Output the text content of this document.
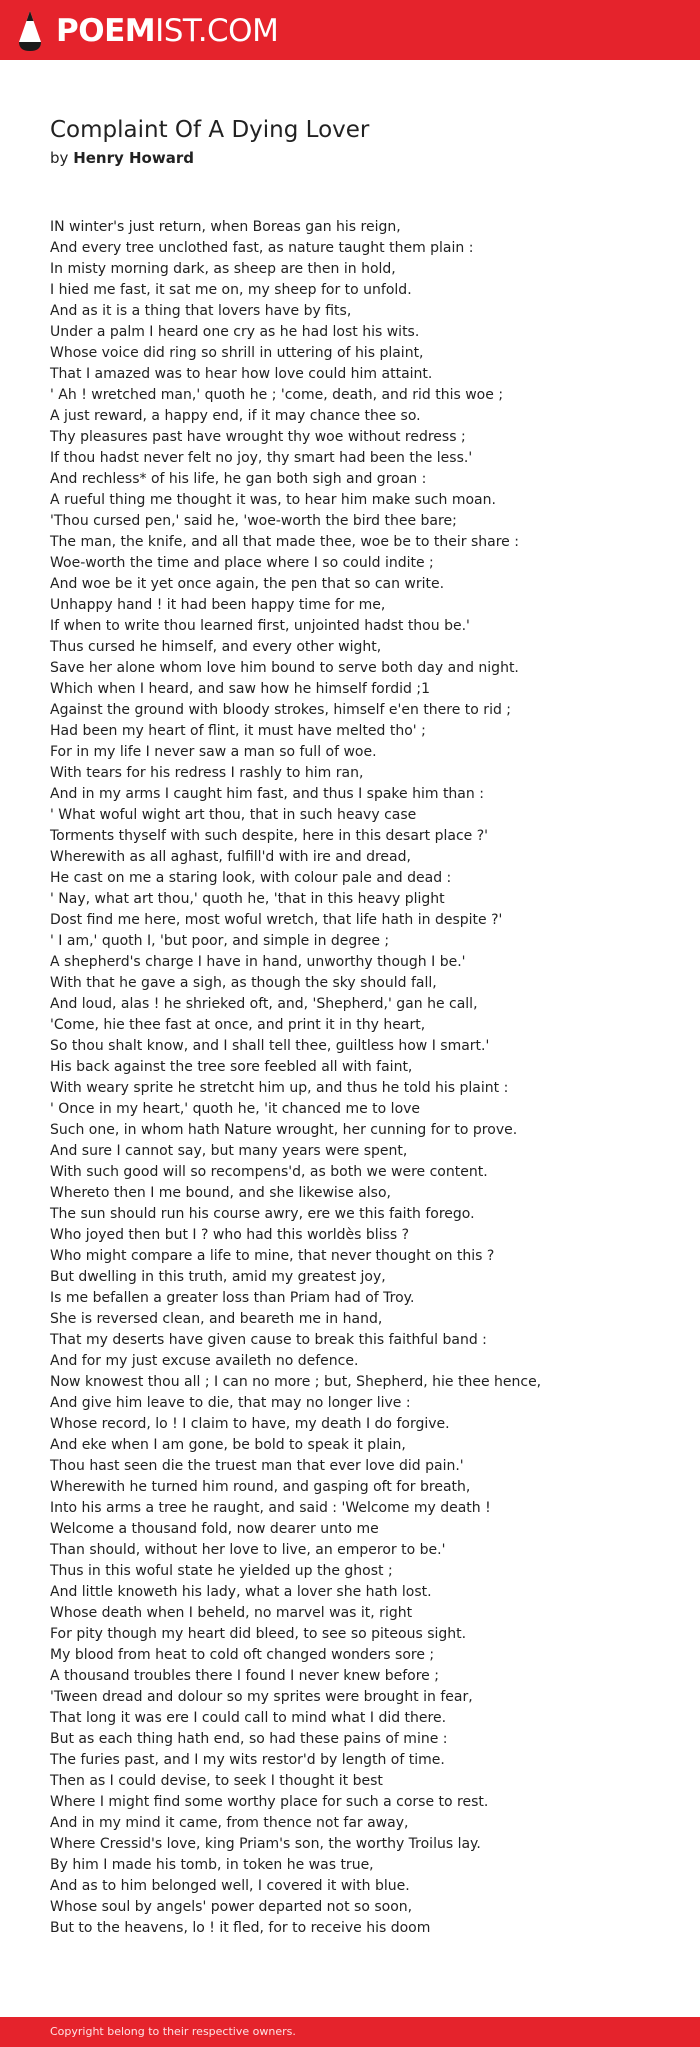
POEMIST.COM
Complaint Of A Dying Lover
by Henry Howard
IN winter's just return, when Boreas gan his reign,
And every tree unclothed fast, as nature taught them plain :
In misty morning dark, as sheep are then in hold,
I hied me fast, it sat me on, my sheep for to unfold.
And as it is a thing that lovers have by fits,
Under a palm I heard one cry as he had lost his wits.
Whose voice did ring so shrill in uttering of his plaint,
That I amazed was to hear how love could him attaint.
' Ah ! wretched man,' quoth he ; 'come, death, and rid this woe ;
A just reward, a happy end, if it may chance thee so.
Thy pleasures past have wrought thy woe without redress ;
If thou hadst never felt no joy, thy smart had been the less.'
And rechless* of his life, he gan both sigh and groan :
A rueful thing me thought it was, to hear him make such moan.
'Thou cursed pen,' said he, 'woe-worth the bird thee bare;
The man, the knife, and all that made thee, woe be to their share :
Woe-worth the time and place where I so could indite ;
And woe be it yet once again, the pen that so can write.
Unhappy hand ! it had been happy time for me,
If when to write thou learned first, unjointed hadst thou be.'
Thus cursed he himself, and every other wight,
Save her alone whom love him bound to serve both day and night.
Which when I heard, and saw how he himself fordid ;1
Against the ground with bloody strokes, himself e'en there to rid ;
Had been my heart of flint, it must have melted tho' ;
For in my life I never saw a man so full of woe.
With tears for his redress I rashly to him ran,
And in my arms I caught him fast, and thus I spake him than :
' What woful wight art thou, that in such heavy case
Torments thyself with such despite, here in this desart place ?'
Wherewith as all aghast, fulfill'd with ire and dread,
He cast on me a staring look, with colour pale and dead :
' Nay, what art thou,' quoth he, 'that in this heavy plight
Dost find me here, most woful wretch, that life hath in despite ?'
' I am,' quoth I, 'but poor, and simple in degree ;
A shepherd's charge I have in hand, unworthy though I be.'
With that he gave a sigh, as though the sky should fall,
And loud, alas ! he shrieked oft, and, 'Shepherd,' gan he call,
'Come, hie thee fast at once, and print it in thy heart,
So thou shalt know, and I shall tell thee, guiltless how I smart.'
His back against the tree sore feebled all with faint,
With weary sprite he stretcht him up, and thus he told his plaint :
' Once in my heart,' quoth he, 'it chanced me to love
Such one, in whom hath Nature wrought, her cunning for to prove.
And sure I cannot say, but many years were spent,
With such good will so recompens'd, as both we were content.
Whereto then I me bound, and she likewise also,
The sun should run his course awry, ere we this faith forego.
Who joyed then but I ? who had this worldès bliss ?
Who might compare a life to mine, that never thought on this ?
But dwelling in this truth, amid my greatest joy,
Is me befallen a greater loss than Priam had of Troy.
She is reversed clean, and beareth me in hand,
That my deserts have given cause to break this faithful band :
And for my just excuse availeth no defence.
Now knowest thou all ; I can no more ; but, Shepherd, hie thee hence,
And give him leave to die, that may no longer live :
Whose record, lo ! I claim to have, my death I do forgive.
And eke when I am gone, be bold to speak it plain,
Thou hast seen die the truest man that ever love did pain.'
Wherewith he turned him round, and gasping oft for breath,
Into his arms a tree he raught, and said : 'Welcome my death !
Welcome a thousand fold, now dearer unto me
Than should, without her love to live, an emperor to be.'
Thus in this woful state he yielded up the ghost ;
And little knoweth his lady, what a lover she hath lost.
Whose death when I beheld, no marvel was it, right
For pity though my heart did bleed, to see so piteous sight.
My blood from heat to cold oft changed wonders sore ;
A thousand troubles there I found I never knew before ;
'Tween dread and dolour so my sprites were brought in fear,
That long it was ere I could call to mind what I did there.
But as each thing hath end, so had these pains of mine :
The furies past, and I my wits restor'd by length of time.
Then as I could devise, to seek I thought it best
Where I might find some worthy place for such a corse to rest.
And in my mind it came, from thence not far away,
Where Cressid's love, king Priam's son, the worthy Troilus lay.
By him I made his tomb, in token he was true,
And as to him belonged well, I covered it with blue.
Whose soul by angels' power departed not so soon,
But to the heavens, lo ! it fled, for to receive his doom
Copyright belong to their respective owners.
